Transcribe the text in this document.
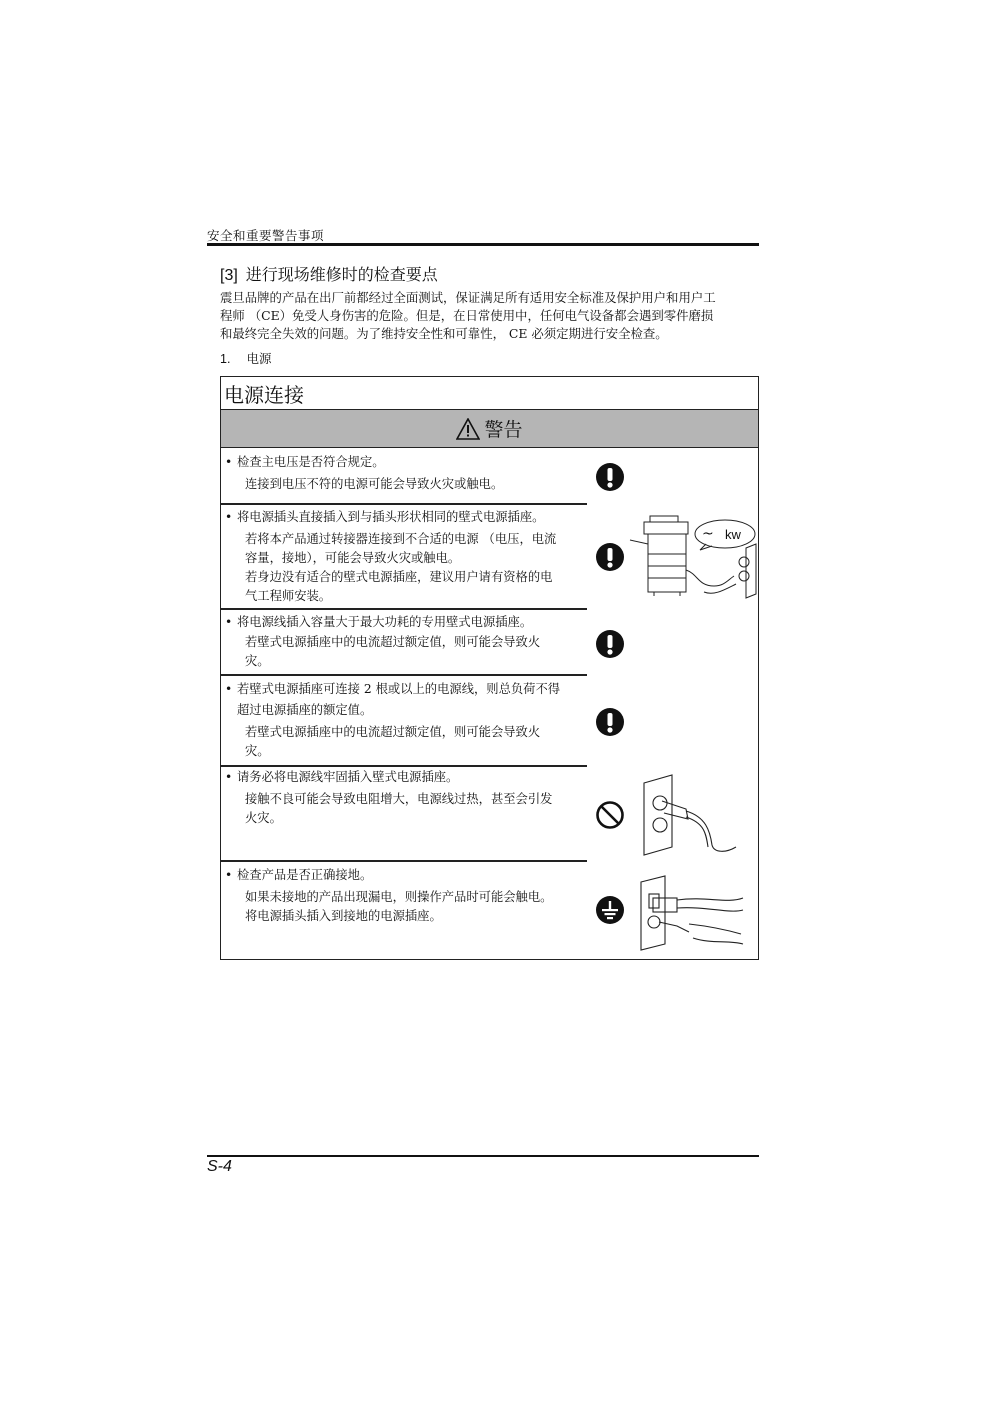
安全和重要警告事项
[3] 进行现场维修时的检查要点
震旦品牌的产品在出厂前都经过全面测试，保证满足所有适用安全标准及保护用户和用户工
程师 （CE）免受人身伤害的危险。但是，在日常使用中，任何电气设备都会遇到零件磨损
和最终完全失效的问题。为了维持安全性和可靠性， CE 必须定期进行安全检查。
1. 电源
电源连接
警告
• 检查主电压是否符合规定。
连接到电压不符的电源可能会导致火灾或触电。
• 将电源插头直接插入到与插头形状相同的壁式电源插座。
若将本产品通过转接器连接到不合适的电源 （电压，电流
容量，接地），可能会导致火灾或触电。
若身边没有适合的壁式电源插座，建议用户请有资格的电
气工程师安装。
• 将电源线插入容量大于最大功耗的专用壁式电源插座。
若壁式电源插座中的电流超过额定值，则可能会导致火
灾。
• 若壁式电源插座可连接 2 根或以上的电源线，则总负荷不得
超过电源插座的额定值。
若壁式电源插座中的电流超过额定值，则可能会导致火
灾。
• 请务必将电源线牢固插入壁式电源插座。
接触不良可能会导致电阻增大，电源线过热，甚至会引发
火灾。
• 检查产品是否正确接地。
如果未接地的产品出现漏电，则操作产品时可能会触电。
将电源插头插入到接地的电源插座。
~ kw
S-4
